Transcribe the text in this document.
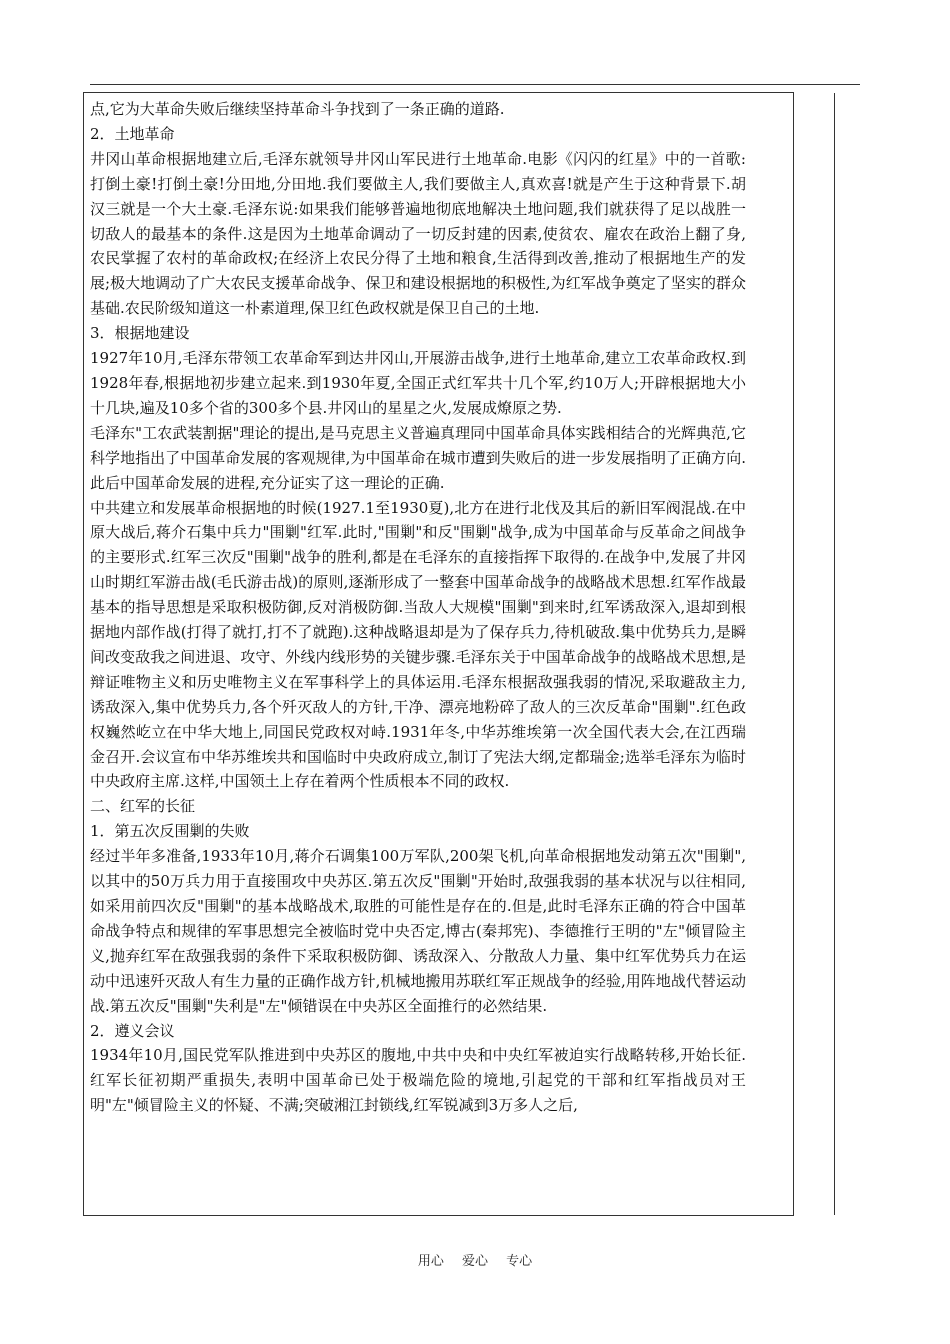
点,它为大革命失败后继续坚持革命斗争找到了一条正确的道路.

2．土地革命

井冈山革命根据地建立后,毛泽东就领导井冈山军民进行土地革命.电影《闪闪的红星》中的一首歌:打倒土豪!打倒土豪!分田地,分田地.我们要做主人,我们要做主人,真欢喜!就是产生于这种背景下.胡汉三就是一个大土豪.毛泽东说:如果我们能够普遍地彻底地解决土地问题,我们就获得了足以战胜一切敌人的最基本的条件.这是因为土地革命调动了一切反封建的因素,使贫农、雇农在政治上翻了身,农民掌握了农村的革命政权;在经济上农民分得了土地和粮食,生活得到改善,推动了根据地生产的发展;极大地调动了广大农民支援革命战争、保卫和建设根据地的积极性,为红军战争奠定了坚实的群众基础.农民阶级知道这一朴素道理,保卫红色政权就是保卫自己的土地.

3．根据地建设

1927年10月,毛泽东带领工农革命军到达井冈山,开展游击战争,进行土地革命,建立工农革命政权.到1928年春,根据地初步建立起来.到1930年夏,全国正式红军共十几个军,约10万人;开辟根据地大小十几块,遍及10多个省的300多个县.井冈山的星星之火,发展成燎原之势.

毛泽东"工农武装割据"理论的提出,是马克思主义普遍真理同中国革命具体实践相结合的光辉典范,它科学地指出了中国革命发展的客观规律,为中国革命在城市遭到失败后的进一步发展指明了正确方向.此后中国革命发展的进程,充分证实了这一理论的正确.

中共建立和发展革命根据地的时候(1927.1至1930夏),北方在进行北伐及其后的新旧军阀混战.在中原大战后,蒋介石集中兵力"围剿"红军.此时,"围剿"和反"围剿"战争,成为中国革命与反革命之间战争的主要形式.红军三次反"围剿"战争的胜利,都是在毛泽东的直接指挥下取得的.在战争中,发展了井冈山时期红军游击战(毛氏游击战)的原则,逐渐形成了一整套中国革命战争的战略战术思想.红军作战最基本的指导思想是采取积极防御,反对消极防御.当敌人大规模"围剿"到来时,红军诱敌深入,退却到根据地内部作战(打得了就打,打不了就跑).这种战略退却是为了保存兵力,待机破敌.集中优势兵力,是瞬间改变敌我之间进退、攻守、外线内线形势的关键步骤.毛泽东关于中国革命战争的战略战术思想,是辩证唯物主义和历史唯物主义在军事科学上的具体运用.毛泽东根据敌强我弱的情况,采取避敌主力,诱敌深入,集中优势兵力,各个歼灭敌人的方针,干净、漂亮地粉碎了敌人的三次反革命"围剿".红色政权巍然屹立在中华大地上,同国民党政权对峙.1931年冬,中华苏维埃第一次全国代表大会,在江西瑞金召开.会议宣布中华苏维埃共和国临时中央政府成立,制订了宪法大纲,定都瑞金;选举毛泽东为临时中央政府主席.这样,中国领土上存在着两个性质根本不同的政权.

二、红军的长征

1．第五次反围剿的失败

经过半年多准备,1933年10月,蒋介石调集100万军队,200架飞机,向革命根据地发动第五次"围剿",以其中的50万兵力用于直接围攻中央苏区.第五次反"围剿"开始时,敌强我弱的基本状况与以往相同,如采用前四次反"围剿"的基本战略战术,取胜的可能性是存在的.但是,此时毛泽东正确的符合中国革命战争特点和规律的军事思想完全被临时党中央否定,博古(秦邦宪)、李德推行王明的"左"倾冒险主义,抛弃红军在敌强我弱的条件下采取积极防御、诱敌深入、分散敌人力量、集中红军优势兵力在运动中迅速歼灭敌人有生力量的正确作战方针,机械地搬用苏联红军正规战争的经验,用阵地战代替运动战.第五次反"围剿"失利是"左"倾错误在中央苏区全面推行的必然结果.

2．遵义会议

1934年10月,国民党军队推进到中央苏区的腹地,中共中央和中央红军被迫实行战略转移,开始长征.红军长征初期严重损失,表明中国革命已处于极端危险的境地,引起党的干部和红军指战员对王明"左"倾冒险主义的怀疑、不满;突破湘江封锁线,红军锐减到3万多人之后,

用心 爱心 专心
